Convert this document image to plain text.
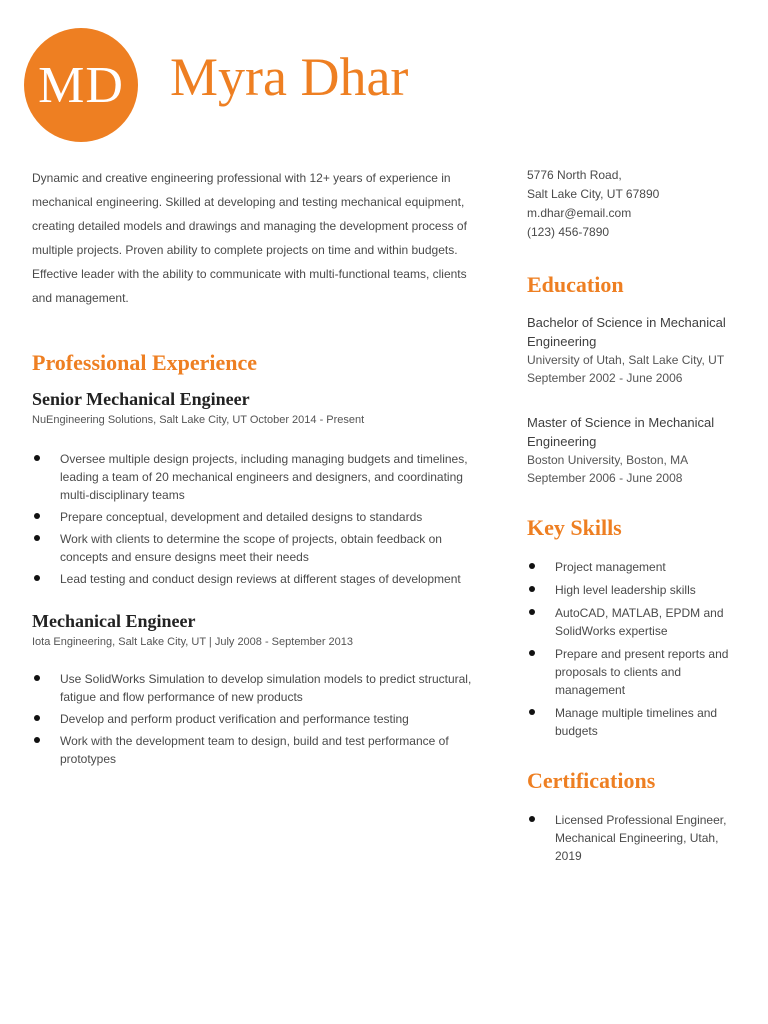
MD Myra Dhar

Dynamic and creative engineering professional with 12+ years of experience in mechanical engineering. Skilled at developing and testing mechanical equipment, creating detailed models and drawings and managing the development process of multiple projects. Proven ability to complete projects on time and within budgets. Effective leader with the ability to communicate with multi-functional teams, clients and management.

Professional Experience
Senior Mechanical Engineer

NuEngineering Solutions, Salt Lake City, UT October 2014 - Present

Oversee multiple design projects, including managing budgets and timelines, leading a team of 20 mechanical engineers and designers, and coordinating multi-disciplinary teams
Prepare conceptual, development and detailed designs to standards
Work with clients to determine the scope of projects, obtain feedback on concepts and ensure designs meet their needs
Lead testing and conduct design reviews at different stages of development
Mechanical Engineer

Iota Engineering, Salt Lake City, UT | July 2008 - September 2013

Use SolidWorks Simulation to develop simulation models to predict structural, fatigue and flow performance of new products
Develop and perform product verification and performance testing
Work with the development team to design, build and test performance of prototypes

5776 North Road,

Salt Lake City, UT 67890

m.dhar@email.com

(123) 456-7890

Education

Bachelor of Science in Mechanical Engineering

University of Utah, Salt Lake City, UT

September 2002 - June 2006

Master of Science in Mechanical Engineering

Boston University, Boston, MA September 2006 - June 2008

Key Skills
Project management
High level leadership skills
AutoCAD, MATLAB, EPDM and SolidWorks expertise
Prepare and present reports and proposals to clients and management
Manage multiple timelines and budgets
Certifications
Licensed Professional Engineer, Mechanical Engineering, Utah, 2019
